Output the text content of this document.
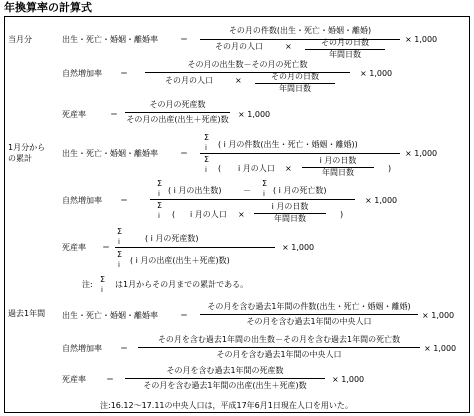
年換算率の計算式
当月分	出生・死亡・婚姻・離婚率	＝
その月の件数(出生・死亡・婚姻・離婚)
その月の人口	×	その月の日数
年間日数
× 1,000
自然増加率 ＝
その月の出生数－その月の死亡数
その月の人口	×	その月の日数
年間日数
× 1,000
死産率	＝
その月の死産数
その月の出産(出生＋死産)数
× 1,000
1月分から
の累計
出生・死亡・婚姻・離婚率	＝
Σ
i ( i 月の件数(出生・死亡・婚姻・離婚))
Σ
i ( i 月の人口 ×
i 月の日数
年間日数	)
× 1,000
自然増加率 ＝
Σ
i ( i 月の出生数)	－
Σ
i ( i 月の死亡数)
Σ
i ( i 月の人口 ×
i 月の日数
年間日数	)
× 1,000
死産率 ＝
Σ
i	( i 月の死産数)
Σ
i ( i 月の出産(出生＋死産)数)
× 1,000
注:
Σ
i
は1月からその月までの累計である。
過去1年間 出生・死亡・婚姻・離婚率	＝
その月を含む過去1年間の件数(出生・死亡・婚姻・離婚)
その月を含む過去1年間の中央人口
× 1,000
自然増加率 ＝
その月を含む過去1年間の出生数－その月を含む過去1年間の死亡数
その月を含む過去1年間の中央人口
× 1,000
死産率	＝
その月を含む過去1年間の死産数
その月を含む過去1年間の出産(出生＋死産)数
× 1,000
注:16.12～17.11の中央人口は，平成17年6月1日現在人口を用いた。
